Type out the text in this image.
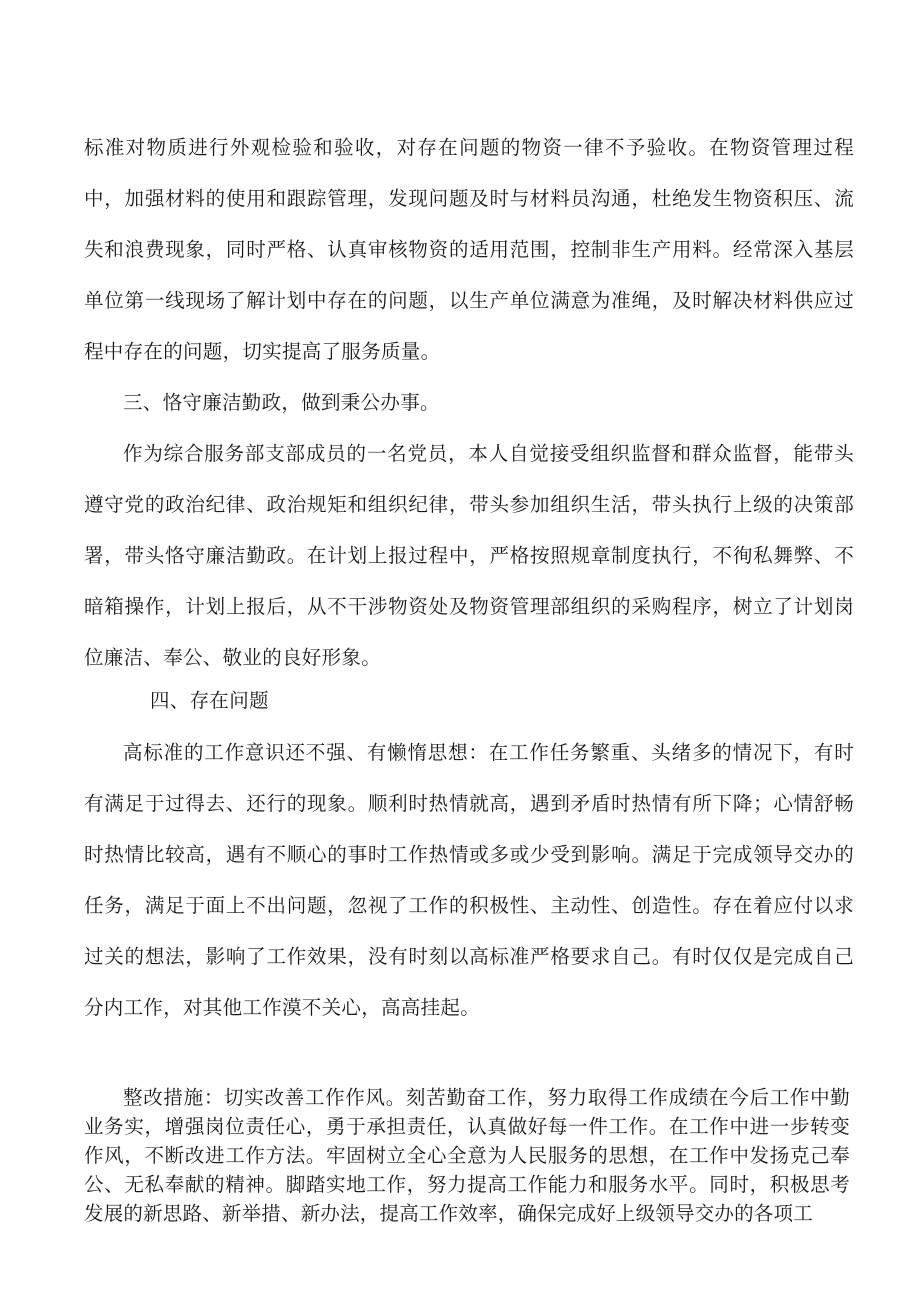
标准对物质进行外观检验和验收，对存在问题的物资一律不予验收。在物资管理过程中，加强材料的使用和跟踪管理，发现问题及时与材料员沟通，杜绝发生物资积压、流失和浪费现象，同时严格、认真审核物资的适用范围，控制非生产用料。经常深入基层单位第一线现场了解计划中存在的问题，以生产单位满意为准绳，及时解决材料供应过程中存在的问题，切实提高了服务质量。

三、恪守廉洁勤政，做到秉公办事。

作为综合服务部支部成员的一名党员，本人自觉接受组织监督和群众监督，能带头遵守党的政治纪律、政治规矩和组织纪律，带头参加组织生活，带头执行上级的决策部署，带头恪守廉洁勤政。在计划上报过程中，严格按照规章制度执行，不徇私舞弊、不暗箱操作，计划上报后，从不干涉物资处及物资管理部组织的采购程序，树立了计划岗位廉洁、奉公、敬业的良好形象。

四、存在问题

高标准的工作意识还不强、有懒惰思想：在工作任务繁重、头绪多的情况下，有时有满足于过得去、还行的现象。顺利时热情就高，遇到矛盾时热情有所下降；心情舒畅时热情比较高，遇有不顺心的事时工作热情或多或少受到影响。满足于完成领导交办的任务，满足于面上不出问题，忽视了工作的积极性、主动性、创造性。存在着应付以求过关的想法，影响了工作效果，没有时刻以高标准严格要求自己。有时仅仅是完成自己分内工作，对其他工作漠不关心，高高挂起。

整改措施：切实改善工作作风。刻苦勤奋工作，努力取得工作成绩在今后工作中勤业务实，增强岗位责任心，勇于承担责任，认真做好每一件工作。在工作中进一步转变作风，不断改进工作方法。牢固树立全心全意为人民服务的思想，在工作中发扬克己奉公、无私奉献的精神。脚踏实地工作，努力提高工作能力和服务水平。同时，积极思考发展的新思路、新举措、新办法，提高工作效率，确保完成好上级领导交办的各项工
